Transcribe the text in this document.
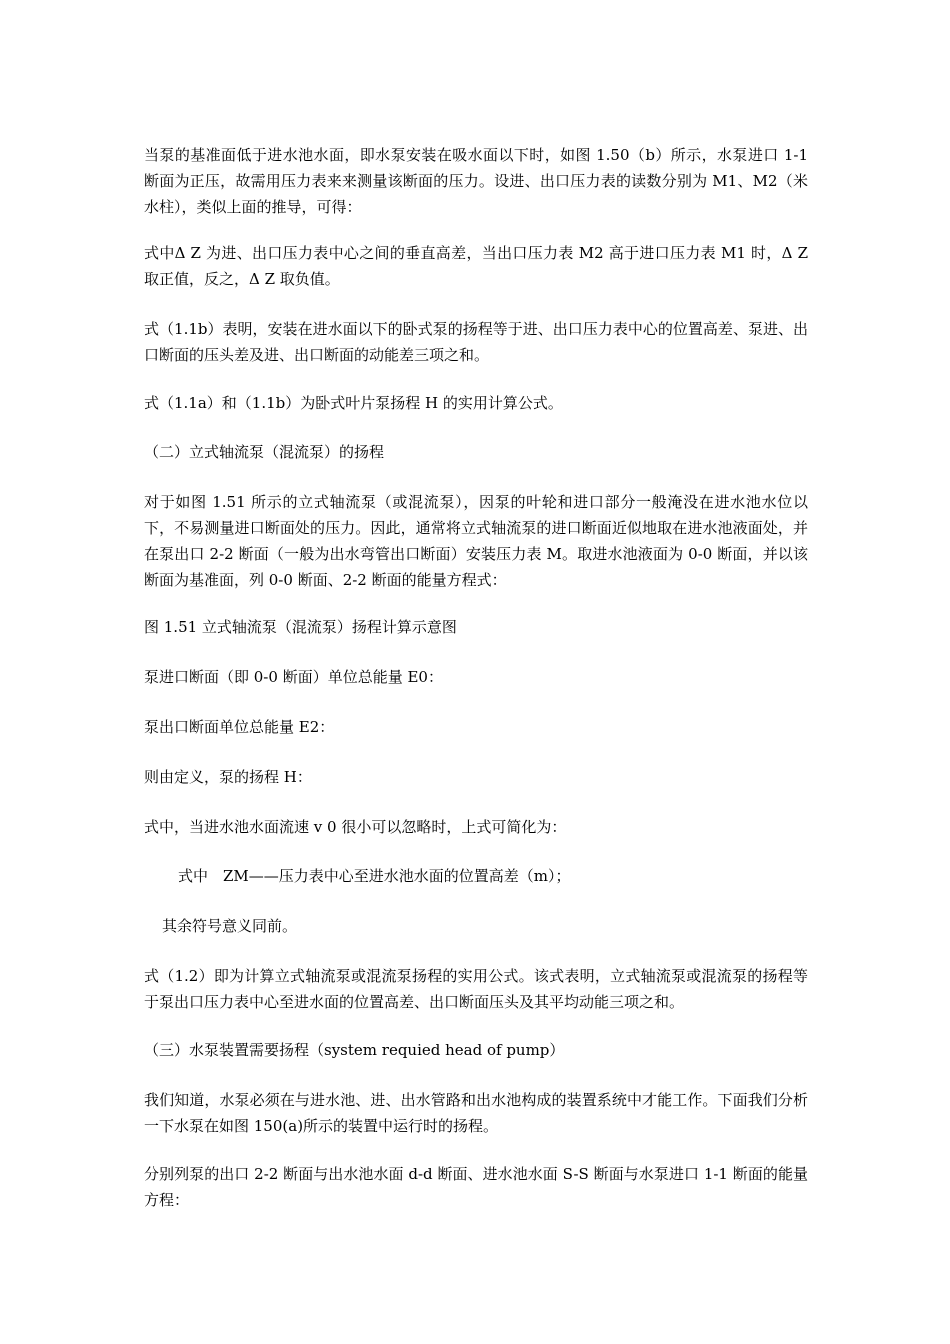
当泵的基准面低于进水池水面，即水泵安装在吸水面以下时，如图 1.50（b）所示，水泵进口 1-1 断面为正压，故需用压力表来来测量该断面的压力。设进、出口压力表的读数分别为 M1、M2（米水柱），类似上面的推导，可得：

式中Δ Z 为进、出口压力表中心之间的垂直高差，当出口压力表 M2 高于进口压力表 M1 时，Δ Z 取正值，反之，Δ Z 取负值。

式（1.1b）表明，安装在进水面以下的卧式泵的扬程等于进、出口压力表中心的位置高差、泵进、出口断面的压头差及进、出口断面的动能差三项之和。

式（1.1a）和（1.1b）为卧式叶片泵扬程 H 的实用计算公式。

（二）立式轴流泵（混流泵）的扬程

对于如图 1.51 所示的立式轴流泵（或混流泵），因泵的叶轮和进口部分一般淹没在进水池水位以下，不易测量进口断面处的压力。因此，通常将立式轴流泵的进口断面近似地取在进水池液面处，并在泵出口 2-2 断面（一般为出水弯管出口断面）安装压力表 M。取进水池液面为 0-0 断面，并以该断面为基准面，列 0-0 断面、2-2 断面的能量方程式：

图 1.51 立式轴流泵（混流泵）扬程计算示意图

泵进口断面（即 0-0 断面）单位总能量 E0：

泵出口断面单位总能量 E2：

则由定义，泵的扬程 H：

式中，当进水池水面流速 v 0 很小可以忽略时，上式可简化为：

式中　ZM——压力表中心至进水池水面的位置高差（m）；

其余符号意义同前。

式（1.2）即为计算立式轴流泵或混流泵扬程的实用公式。该式表明，立式轴流泵或混流泵的扬程等于泵出口压力表中心至进水面的位置高差、出口断面压头及其平均动能三项之和。

（三）水泵装置需要扬程（system requied head of pump）

我们知道，水泵必须在与进水池、进、出水管路和出水池构成的装置系统中才能工作。下面我们分析一下水泵在如图 150(a)所示的装置中运行时的扬程。

分别列泵的出口 2-2 断面与出水池水面 d-d 断面、进水池水面 S-S 断面与水泵进口 1-1 断面的能量方程：
